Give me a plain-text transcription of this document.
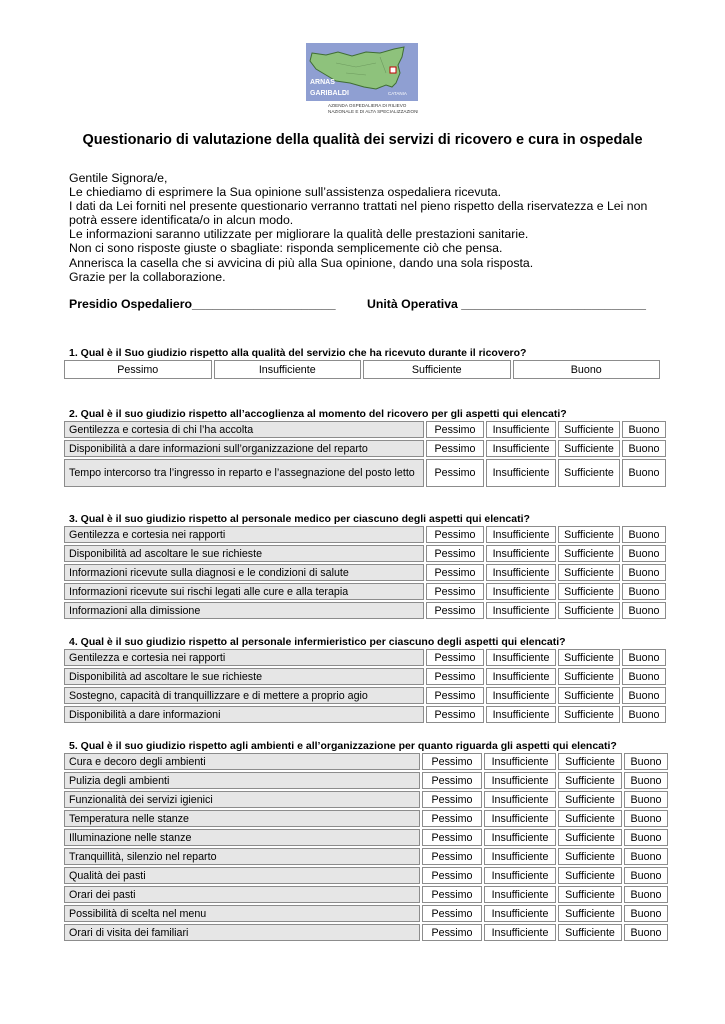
ARNAS
GARIBALDI	CATANIA
AZIENDA OSPEDALIERA DI RILIEVO
NAZIONALE E DI ALTA SPECIALIZZAZIONE
Questionario di valutazione della qualità dei servizi di ricovero e cura in ospedale
Gentile Signora/e,
Le chiediamo di esprimere la Sua opinione sull’assistenza ospedaliera ricevuta.
I dati da Lei forniti nel presente questionario verranno trattati nel pieno rispetto della riservatezza e Lei non potrà essere identificata/o in alcun modo.
Le informazioni saranno utilizzate per migliorare la qualità delle prestazioni sanitarie.
Non ci sono risposte giuste o sbagliate: risponda semplicemente ciò che pensa.
Annerisca la casella che si avvicina di più alla Sua opinione, dando una sola risposta.
Grazie per la collaborazione.
Presidio Ospedaliero_____________________	Unità Operativa ___________________________
1. Qual è il Suo giudizio rispetto alla qualità del servizio che ha ricevuto durante il ricovero?
Pessimo	Insufficiente	Sufficiente	Buono
2. Qual è il suo giudizio rispetto all’accoglienza al momento del ricovero per gli aspetti qui elencati?
Gentilezza e cortesia di chi l’ha accolta	Pessimo	Insufficiente	Sufficiente	Buono
Disponibilità a dare informazioni sull’organizzazione del reparto	Pessimo	Insufficiente	Sufficiente	Buono
Tempo intercorso tra l’ingresso in reparto e l’assegnazione del posto letto	Pessimo	Insufficiente	Sufficiente	Buono
3. Qual è il suo giudizio rispetto al personale medico per ciascuno degli aspetti qui elencati?
Gentilezza e cortesia nei rapporti	Pessimo	Insufficiente	Sufficiente	Buono
Disponibilità ad ascoltare le sue richieste	Pessimo	Insufficiente	Sufficiente	Buono
Informazioni ricevute sulla diagnosi e le condizioni di salute	Pessimo	Insufficiente	Sufficiente	Buono
Informazioni ricevute sui rischi legati alle cure e alla terapia	Pessimo	Insufficiente	Sufficiente	Buono
Informazioni alla dimissione	Pessimo	Insufficiente	Sufficiente	Buono
4. Qual è il suo giudizio rispetto al personale infermieristico per ciascuno degli aspetti qui elencati?
Gentilezza e cortesia nei rapporti	Pessimo	Insufficiente	Sufficiente	Buono
Disponibilità ad ascoltare le sue richieste	Pessimo	Insufficiente	Sufficiente	Buono
Sostegno, capacità di tranquillizzare e di mettere a proprio agio	Pessimo	Insufficiente	Sufficiente	Buono
Disponibilità a dare informazioni	Pessimo	Insufficiente	Sufficiente	Buono
5. Qual è il suo giudizio rispetto agli ambienti e all’organizzazione per quanto riguarda gli aspetti qui elencati?
Cura e decoro degli ambienti	Pessimo	Insufficiente	Sufficiente	Buono
Pulizia degli ambienti	Pessimo	Insufficiente	Sufficiente	Buono
Funzionalità dei servizi igienici	Pessimo	Insufficiente	Sufficiente	Buono
Temperatura nelle stanze	Pessimo	Insufficiente	Sufficiente	Buono
Illuminazione nelle stanze	Pessimo	Insufficiente	Sufficiente	Buono
Tranquillità, silenzio nel reparto	Pessimo	Insufficiente	Sufficiente	Buono
Qualità dei pasti	Pessimo	Insufficiente	Sufficiente	Buono
Orari dei pasti	Pessimo	Insufficiente	Sufficiente	Buono
Possibilità di scelta nel menu	Pessimo	Insufficiente	Sufficiente	Buono
Orari di visita dei familiari	Pessimo	Insufficiente	Sufficiente	Buono
